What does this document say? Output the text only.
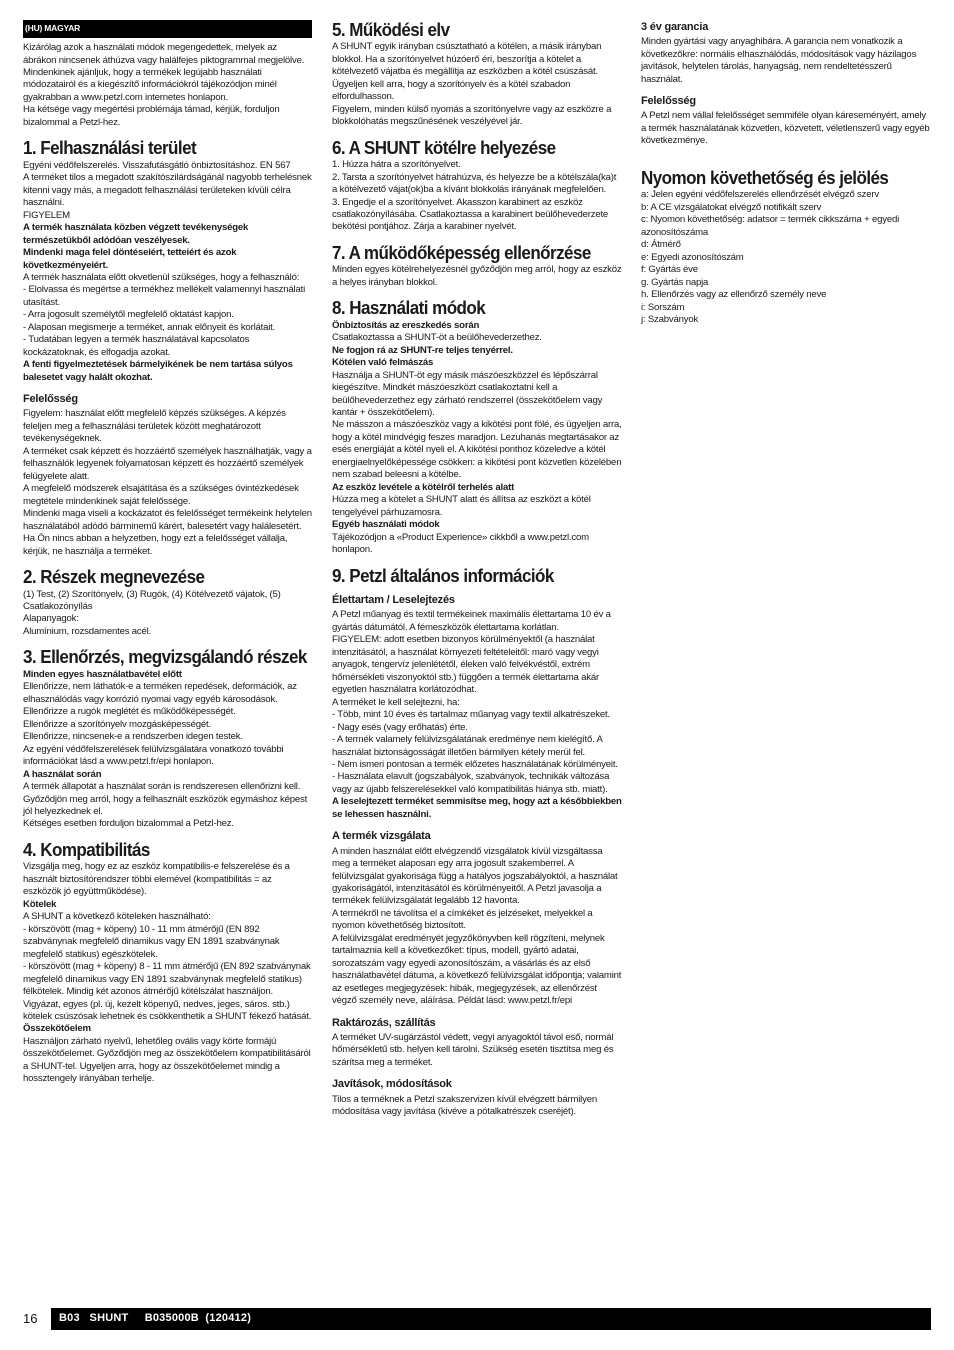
(HU) MAGYAR
Kizárólag azok a használati módok megengedettek, melyek az ábrákon nincsenek áthúzva vagy halálfejes piktogrammal megjelölve. Mindenkinek ajánljuk, hogy a termékek legújabb használati módozatairól és a kiegészítő információkról tájékozódjon minél gyakrabban a www.petzl.com internetes honlapon.
Ha kétsége vagy megértési problémája támad, kérjük, forduljon bizalommal a Petzl-hez.
1. Felhasználási terület
Egyéni védőfelszerelés. Visszafutásgátló önbiztosításhoz. EN 567
A terméket tilos a megadott szakítószilárdságánál nagyobb terhelésnek kitenni vagy más, a megadott felhasználási területeken kívüli célra használni.
FIGYELEM
A termék használata közben végzett tevékenységek természetükből adódóan veszélyesek.
Mindenki maga felel döntéseiért, tetteiért és azok következményeiért.
A termék használata előtt okvetlenül szükséges, hogy a felhasználó:
- Elolvassa és megértse a termékhez mellékelt valamennyi használati utasítást.
- Arra jogosult személytől megfelelő oktatást kapjon.
- Alaposan megismerje a terméket, annak előnyeit és korlátait.
- Tudatában legyen a termék használatával kapcsolatos kockázatoknak, és elfogadja azokat.
A fenti figyelmeztetések bármelyikének be nem tartása súlyos balesetet vagy halált okozhat.
Felelősség
Figyelem: használat előtt megfelelő képzés szükséges. A képzés feleljen meg a felhasználási területek között meghatározott tevékenységeknek.
A terméket csak képzett és hozzáértő személyek használhatják, vagy a felhasználók legyenek folyamatosan képzett és hozzáértő személyek felügyelete alatt.
A megfelelő módszerek elsajátítása és a szükséges óvintézkedések megtétele mindenkinek saját felelőssége.
Mindenki maga viseli a kockázatot és felelősséget termékeink helytelen használatából adódó bárminemű kárért, balesetért vagy halálesetért. Ha Ön nincs abban a helyzetben, hogy ezt a felelősséget vállalja, kérjük, ne használja a terméket.
2. Részek megnevezése
(1) Test, (2) Szorítónyelv, (3) Rugók, (4) Kötélvezető vájatok, (5) Csatlakozónyílás
Alapanyagok:
Alumínium, rozsdamentes acél.
3. Ellenőrzés, megvizsgálandó részek
Minden egyes használatbavétel előtt
Ellenőrizze, nem láthatók-e a terméken repedések, deformációk, az elhasználódás vagy korrózió nyomai vagy egyéb károsodások.
Ellenőrizze a rugók meglétét és működőképességét.
Ellenőrizze a szorítónyelv mozgásképességét.
Ellenőrizze, nincsenek-e a rendszerben idegen testek.
Az egyéni védőfelszerelések felülvizsgálatára vonatkozó további információkat lásd a www.petzl.fr/epi honlapon.
A használat során
A termék állapotát a használat során is rendszeresen ellenőrizni kell. Győződjön meg arról, hogy a felhasznált eszközök egymáshoz képest jól helyezkednek el.
Kétséges esetben forduljon bizalommal a Petzl-hez.
4. Kompatibilitás
Vizsgálja meg, hogy ez az eszköz kompatibilis-e felszerelése és a használt biztosítórendszer többi elemével (kompatibilitás = az eszközök jó együttműködése).
Kötelek
A SHUNT a következő köteleken használható:
- körszövött (mag + köpeny) 10 - 11 mm átmérőjű (EN 892 szabványnak megfelelő dinamikus vagy EN 1891 szabványnak megfelelő statikus) egészkötelek.
- körszövött (mag + köpeny) 8 - 11 mm átmérőjű (EN 892 szabványnak megfelelő dinamikus vagy EN 1891 szabványnak megfelelő statikus) félkötelek. Mindig két azonos átmérőjű kötélszálat használjon.
Vigyázat, egyes (pl. új, kezelt köpenyű, nedves, jeges, sáros. stb.) kötelek csúszósak lehetnek és csökkenthetik a SHUNT fékező hatását.
Összekötőelem
Használjon zárható nyelvű, lehetőleg ovális vagy körte formájú összekötőelemet. Győződjön meg az összekötőelem kompatibilitásáról a SHUNT-tel. Ugyeljen arra, hogy az összekötőelemet mindig a hossztengely irányában terhelje.
5. Működési elv
A SHUNT egyik irányban csúsztatható a kötélen, a másik irányban blokkol. Ha a szorítónyelvet húzóerő éri, beszorítja a kötelet a kötélvezető vájatba és megállítja az eszközben a kötél csúszását. Ügyeljen kell arra, hogy a szorítónyelv és a kötél szabadon elfordulhasson.
Figyelem, minden külső nyomás a szorítónyelvre vagy az eszközre a blokkolóhatás megszűnésének veszélyével jár.
6. A SHUNT kötélre helyezése
1. Húzza hátra a szorítónyelvet.
2. Tarsta a szorítónyelvet hátrahúzva, és helyezze be a kötélszála(ka)t a kötélvezető vájat(ok)ba a kívánt blokkolás irányának megfelelően.
3. Engedje el a szorítónyelvet. Akasszon karabinert az eszköz csatlakozónyílásába. Csatlakoztassa a karabinert beülőhevederzete bekötési pontjához. Zárja a karabiner nyelvét.
7. A működőképesség ellenőrzése
Minden egyes kötélrehelyezésnél győződjön meg arról, hogy az eszköz a helyes irányban blokkol.
8. Használati módok
Önbiztosítás az ereszkedés során
Csatlakoztassa a SHUNT-öt a beülőhevederzethez.
Ne fogjon rá az SHUNT-re teljes tenyérrel.
Kötélen való felmászás
Használja a SHUNT-öt egy másik mászóeszközzel és lépőszárral kiegészítve. Mindkét mászóeszközt csatlakoztatni kell a beülőhevederzethez egy zárható rendszerrel (összekötőelem vagy kantár + összekötőelem).
Ne másszon a mászóeszköz vagy a kikötési pont fölé, és ügyeljen arra, hogy a kötél mindvégig feszes maradjon. Lezuhanás megtartásakor az esés energiáját a kötél nyeli el. A kikötési ponthoz közeledve a kötél energiaelnyelőképessége csökken: a kikötési pont közvetlen közelében nem szabad beleesni a kötélbe.
Az eszköz levétele a kötélről terhelés alatt
Húzza meg a kötelet a SHUNT alatt és állítsa az eszközt a kötél tengelyével párhuzamosra.
Egyéb használati módok
Tájékozódjon a «Product Experience» cikkből a www.petzl.com honlapon.
9. Petzl általános információk
Élettartam / Leselejtezés
A Petzl műanyag és textil termékeinek maximális élettartama 10 év a gyártás dátumától. A fémeszközök élettartama korlátlan.
FIGYELEM: adott esetben bizonyos körülményektől (a használat intenzitásától, a használat környezeti feltételeitől: maró vagy vegyi anyagok, tengervíz jelenlététől, éleken való felvékvéstől, extrém hőmérsékleti viszonyoktól stb.) függően a termék élettartama akár egyetlen használatra korlátozódhat.
A terméket le kell selejtezni, ha:
- Több, mint 10 éves és tartalmaz műanyag vagy textil alkatrészeket.
- Nagy esés (vagy erőhatás) érte.
- A termék valamely felülvizsgálatának eredménye nem kielégítő. A használat biztonságosságát illetően bármilyen kétely merül fel.
- Nem ismeri pontosan a termék előzetes használatának körülményeit.
- Használata elavult (jogszabályok, szabványok, technikák változása vagy az újabb felszerelésekkel való kompatibilitás hiánya stb. miatt).
A leselejtezett terméket semmisítse meg, hogy azt a későbbiekben se lehessen használni.
A termék vizsgálata
A minden használat előtt elvégzendő vizsgálatok kívül vizsgáltassa meg a terméket alaposan egy arra jogosult szakemberrel. A felülvizsgálat gyakorisága függ a hatályos jogszabályoktól, a használat gyakoriságától, intenzitásától és körülményeitől. A Petzl javasolja a termékek felülvizsgálatát legalább 12 havonta.
A termékről ne távolítsa el a címkéket és jelzéseket, melyekkel a nyomon követhetőség biztosított.
A felülvizsgálat eredményét jegyzőkönyvben kell rögzíteni, melynek tartalmaznia kell a következőket: típus, modell, gyártó adatai, sorozatszám vagy egyedi azonosítószám, a vásárlás és az első használatbavétel dátuma, a következő felülvizsgálat időpontja; valamint az esetleges megjegyzések: hibák, megjegyzések, az ellenőrzést végző személy neve, aláírása. Példát lásd: www.petzl.fr/epi
Raktározás, szállítás
A terméket UV-sugárzástól védett, vegyi anyagoktól távol eső, normál hőmérsékletű stb. helyen kell tárolni. Szükség esetén tisztítsa meg és szárítsa meg a terméket.
Javítások, módosítások
Tilos a terméknek a Petzl szakszervizen kívül elvégzett bármilyen módosítása vagy javítása (kivéve a pótalkatrészek cseréjét).
3 év garancia
Minden gyártási vagy anyaghibára. A garancia nem vonatkozik a következőkre: normális elhasználódás, módosítások vagy házilagos javítások, helytelen tárolás, hanyagság, nem rendeltetésszerű használat.
Felelősség
A Petzl nem vállal felelősséget semmiféle olyan káreseményért, amely a termék használatának közvetlen, közvetett, véletlenszerű vagy egyéb következménye.
Nyomon követhetőség és jelölés
a: Jelen egyéni védőfelszerelés ellenőrzését elvégző szerv
b: A CE vizsgálatokat elvégző notifikált szerv
c: Nyomon követhetőség: adatsor = termék cikkszáma + egyedi azonosítószáma
d: Átmérő
e: Egyedi azonosítószám
f: Gyártás éve
g. Gyártás napja
h. Ellenőrzés vagy az ellenőrző személy neve
i: Sorszám
j: Szabványok
16	B03   SHUNT     B035000B  (120412)
